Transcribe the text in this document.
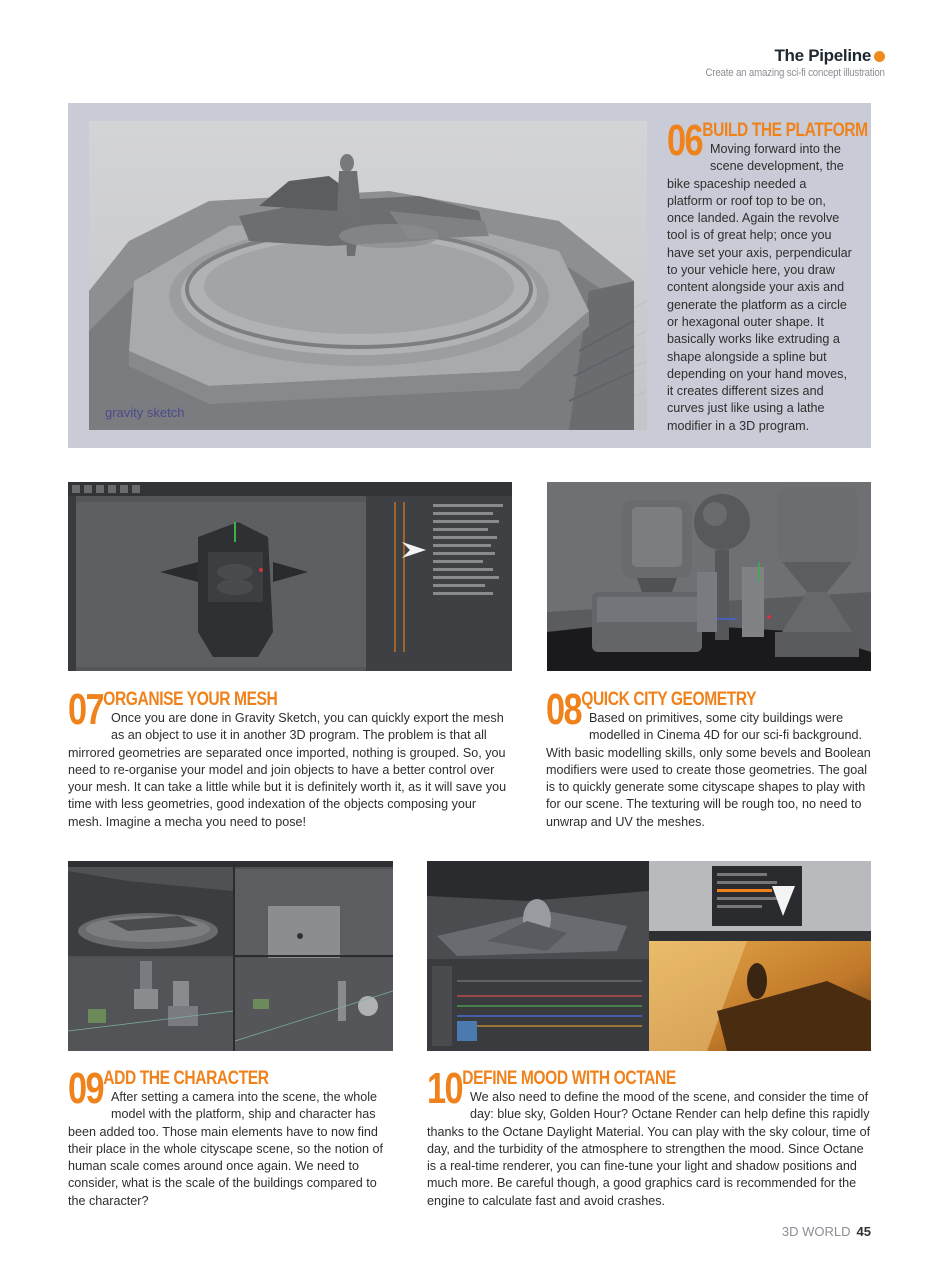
The Pipeline
Create an amazing sci-fi concept illustration
gravity sketch
06 BUILD THE PLATFORM
Moving forward into the scene development, the bike spaceship needed a platform or roof top to be on, once landed. Again the revolve tool is of great help; once you have set your axis, perpendicular to your vehicle here, you draw content alongside your axis and generate the platform as a circle or hexagonal outer shape. It basically works like extruding a shape alongside a spline but depending on your hand moves, it creates different sizes and curves just like using a lathe modifier in a 3D program.
07 ORGANISE YOUR MESH
Once you are done in Gravity Sketch, you can quickly export the mesh as an object to use it in another 3D program. The problem is that all mirrored geometries are separated once imported, nothing is grouped. So, you need to re-organise your model and join objects to have a better control over your mesh. It can take a little while but it is definitely worth it, as it will save you time with less geometries, good indexation of the objects composing your mesh. Imagine a mecha you need to pose!
08 QUICK CITY GEOMETRY
Based on primitives, some city buildings were modelled in Cinema 4D for our sci-fi background. With basic modelling skills, only some bevels and Boolean modifiers were used to create those geometries. The goal is to quickly generate some cityscape shapes to play with for our scene. The texturing will be rough too, no need to unwrap and UV the meshes.
09 ADD THE CHARACTER
After setting a camera into the scene, the whole model with the platform, ship and character has been added too. Those main elements have to now find their place in the whole cityscape scene, so the notion of human scale comes around once again. We need to consider, what is the scale of the buildings compared to the character?
10 DEFINE MOOD WITH OCTANE
We also need to define the mood of the scene, and consider the time of day: blue sky, Golden Hour? Octane Render can help define this rapidly thanks to the Octane Daylight Material. You can play with the sky colour, time of day, and the turbidity of the atmosphere to strengthen the mood. Since Octane is a real-time renderer, you can fine-tune your light and shadow positions and much more. Be careful though, a good graphics card is recommended for the engine to calculate fast and avoid crashes.
3D WORLD 45
